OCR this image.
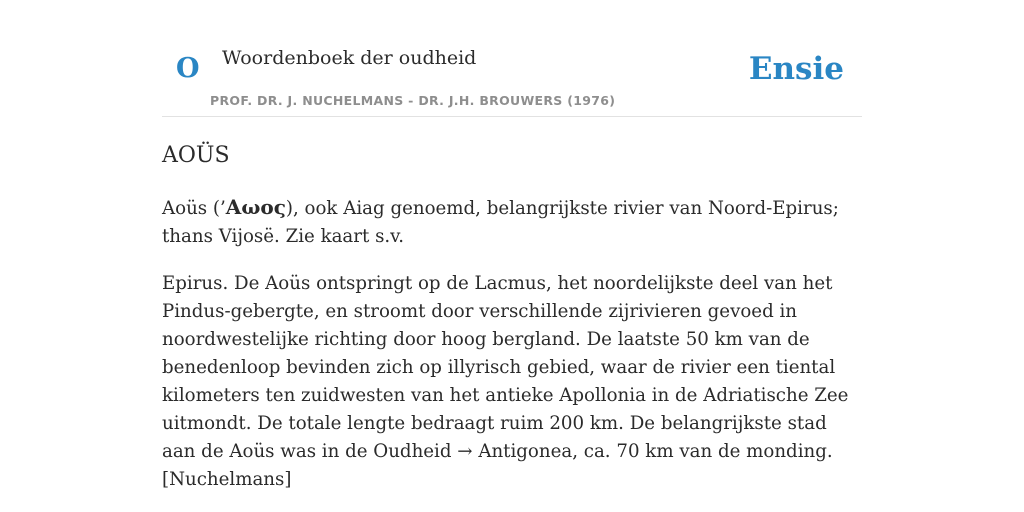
O Woordenboek der oudheid
PROF. DR. J. NUCHELMANS - DR. J.H. BROUWERS (1976)
Ensie
AOÜS

Aoüs (’Αωος), ook Aiag genoemd, belangrijkste rivier van Noord-Epirus; thans Vijosë. Zie kaart s.v.

Epirus. De Aoüs ontspringt op de Lacmus, het noordelijkste deel van het Pindus-gebergte, en stroomt door verschillende zijrivieren gevoed in noordwestelijke richting door hoog bergland. De laatste 50 km van de benedenloop bevinden zich op illyrisch gebied, waar de rivier een tiental kilometers ten zuidwesten van het antieke Apollonia in de Adriatische Zee uitmondt. De totale lengte bedraagt ruim 200 km. De belangrijkste stad aan de Aoüs was in de Oudheid → Antigonea, ca. 70 km van de monding. [Nuchelmans]
